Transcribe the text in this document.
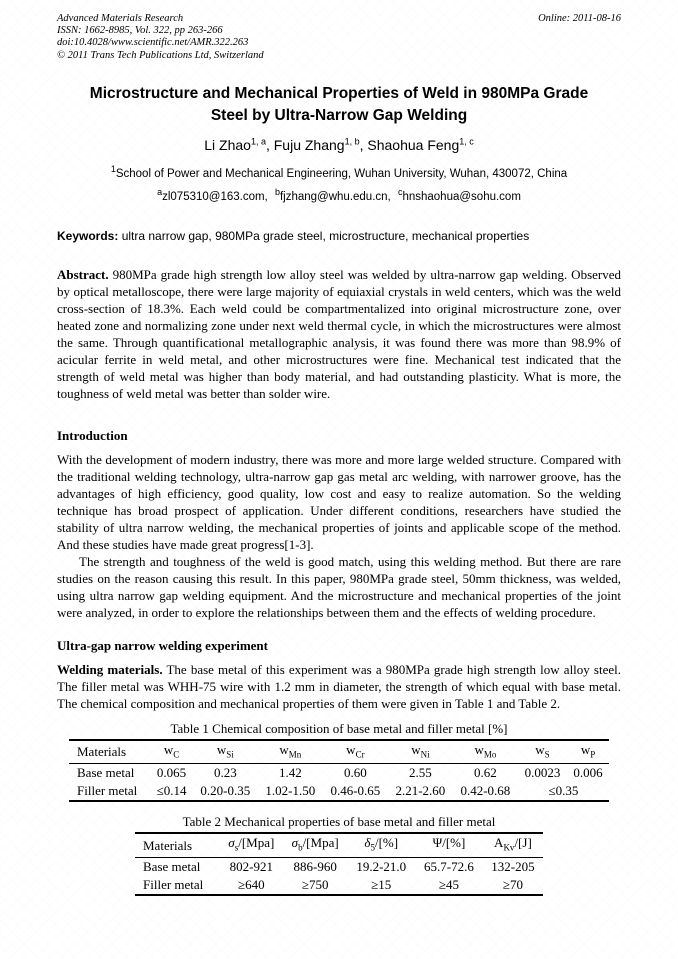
Advanced Materials Research
ISSN: 1662-8985, Vol. 322, pp 263-266
doi:10.4028/www.scientific.net/AMR.322.263
© 2011 Trans Tech Publications Ltd, Switzerland
Online: 2011-08-16
Microstructure and Mechanical Properties of Weld in 980MPa Grade Steel by Ultra-Narrow Gap Welding
Li Zhao$^{1, a}$, Fuju Zhang$^{1, b}$, Shaohua Feng$^{1, c}$
$^1$School of Power and Mechanical Engineering, Wuhan University, Wuhan, 430072, China
$^a$zl075310@163.com, $^b$fjzhang@whu.edu.cn, $^c$hnshaohua@sohu.com
Keywords: ultra narrow gap, 980MPa grade steel, microstructure, mechanical properties

Abstract. 980MPa grade high strength low alloy steel was welded by ultra-narrow gap welding. Observed by optical metalloscope, there were large majority of equiaxial crystals in weld centers, which was the weld cross-section of 18.3%. Each weld could be compartmentalized into original microstructure zone, over heated zone and normalizing zone under next weld thermal cycle, in which the microstructures were almost the same. Through quantificational metallographic analysis, it was found there was more than 98.9% of acicular ferrite in weld metal, and other microstructures were fine. Mechanical test indicated that the strength of weld metal was higher than body material, and had outstanding plasticity. What is more, the toughness of weld metal was better than solder wire.

Introduction

With the development of modern industry, there was more and more large welded structure. Compared with the traditional welding technology, ultra-narrow gap gas metal arc welding, with narrower groove, has the advantages of high efficiency, good quality, low cost and easy to realize automation. So the welding technique has broad prospect of application. Under different conditions, researchers have studied the stability of ultra narrow welding, the mechanical properties of joints and applicable scope of the method. And these studies have made great progress[1-3].

The strength and toughness of the weld is good match, using this welding method. But there are rare studies on the reason causing this result. In this paper, 980MPa grade steel, 50mm thickness, was welded, using ultra narrow gap welding equipment. And the microstructure and mechanical properties of the joint were analyzed, in order to explore the relationships between them and the effects of welding procedure.

Ultra-gap narrow welding experiment

Welding materials. The base metal of this experiment was a 980MPa grade high strength low alloy steel. The filler metal was WHH-75 wire with 1.2 mm in diameter, the strength of which equal with base metal. The chemical composition and mechanical properties of them were given in Table 1 and Table 2.

Table 1 Chemical composition of base metal and filler metal [%]
Materials	$w_C$	$w_{Si}$	$w_{Mn}$	$w_{Cr}$	$w_{Ni}$	$w_{Mo}$	$w_S$	$w_P$
Base metal	0.065	0.23	1.42	0.60	2.55	0.62	0.0023	0.006
Filler metal	≤0.14	0.20-0.35	1.02-1.50	0.46-0.65	2.21-2.60	0.42-0.68	≤0.35	
Table 2 Mechanical properties of base metal and filler metal
Materials	$\sigma_s/[Mpa]$	$\sigma_b/[Mpa]$	$\delta_5/[\%]$	Ψ/[%]	$A_{Kv}/[J]$
Base metal	802-921	886-960	19.2-21.0	65.7-72.6	132-205
Filler metal	≥640	≥750	≥15	≥45	≥70
